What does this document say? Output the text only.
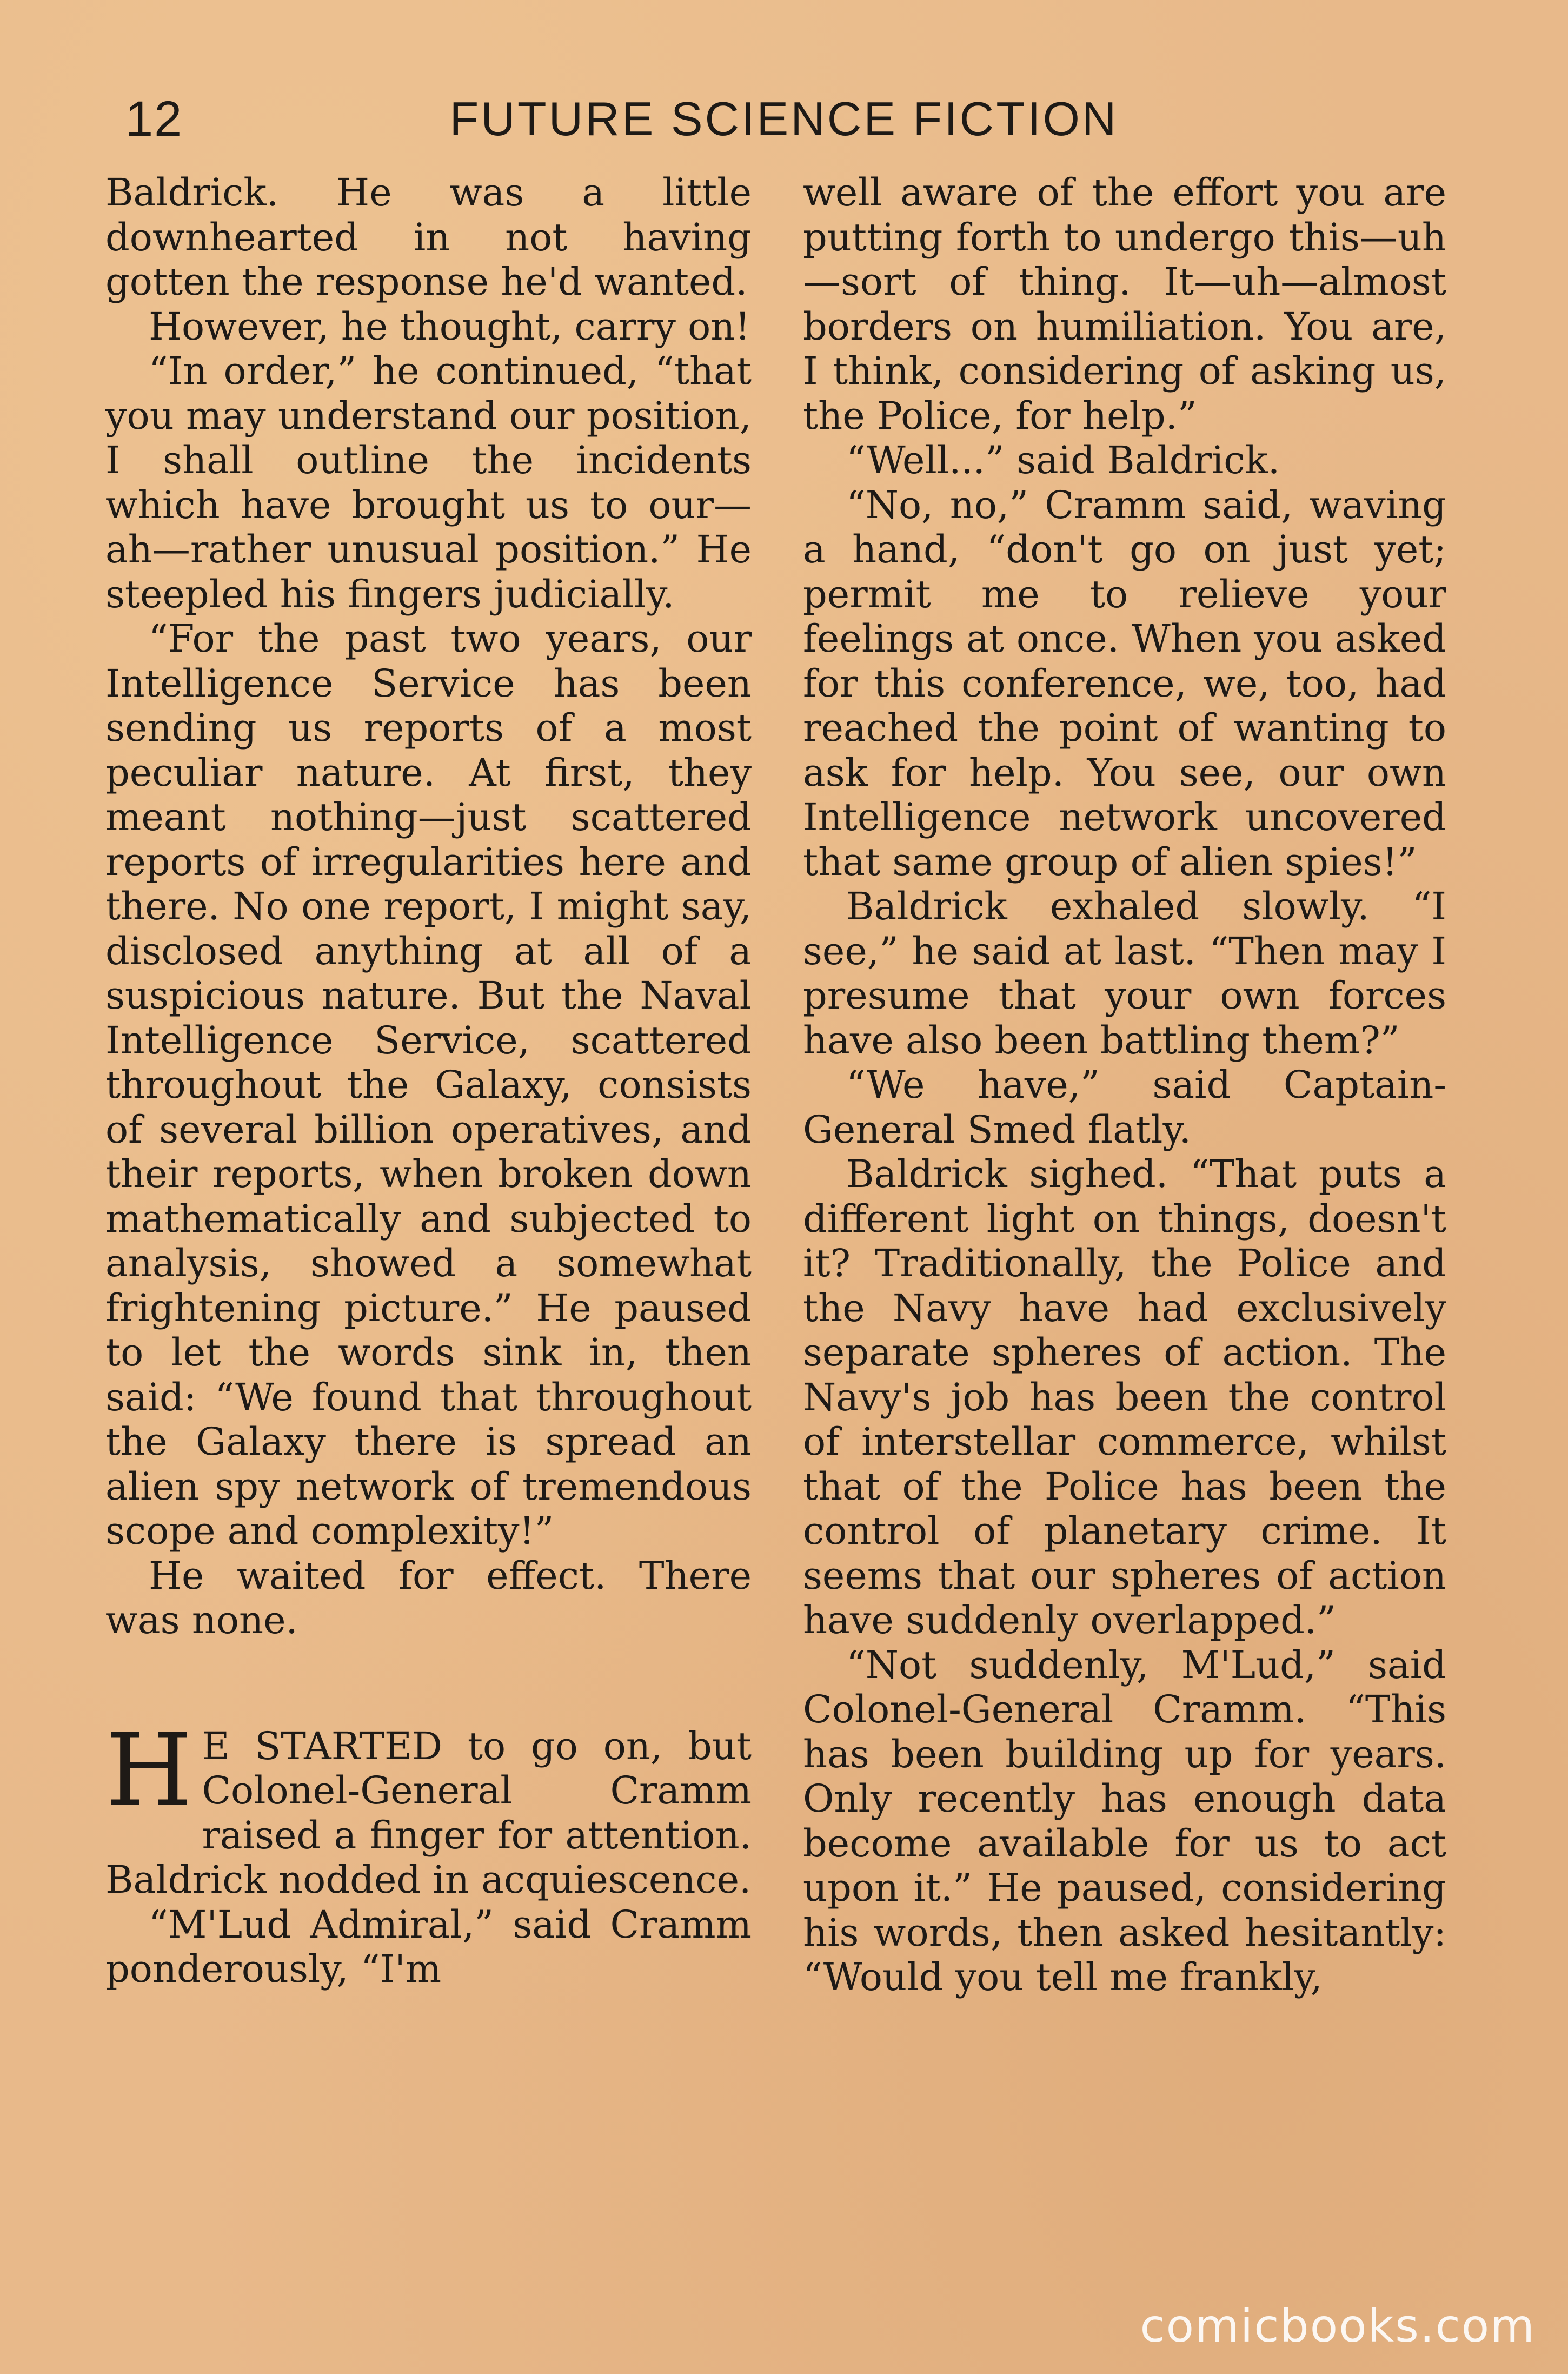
12	FUTURE SCIENCE FICTION

Baldrick. He was a little downhearted in not having gotten the response he'd wanted.

However, he thought, carry on!

“In order,” he continued, “that you may understand our position, I shall outline the incidents which have brought us to our—ah—rather unusual position.” He steepled his fingers judicially.

“For the past two years, our Intelligence Service has been sending us reports of a most peculiar nature. At first, they meant nothing—just scattered reports of irregularities here and there. No one report, I might say, disclosed anything at all of a suspicious nature. But the Naval Intelligence Service, scattered throughout the Galaxy, consists of several billion operatives, and their reports, when broken down mathematically and subjected to analysis, showed a somewhat frightening picture.” He paused to let the words sink in, then said: “We found that throughout the Galaxy there is spread an alien spy network of tremendous scope and complexity!”

He waited for effect. There was none.

H E STARTED to go on, but Colonel-General Cramm raised a finger for attention. Baldrick nodded in acquiescence.

“M'Lud Admiral,” said Cramm ponderously, “I'm

well aware of the effort you are putting forth to undergo this—uh—sort of thing. It—uh—almost borders on humiliation. You are, I think, considering of asking us, the Police, for help.”

“Well...” said Baldrick.

“No, no,” Cramm said, waving a hand, “don't go on just yet; permit me to relieve your feelings at once. When you asked for this conference, we, too, had reached the point of wanting to ask for help. You see, our own Intelligence network uncovered that same group of alien spies!”

Baldrick exhaled slowly. “I see,” he said at last. “Then may I presume that your own forces have also been battling them?”

“We have,” said Captain-General Smed flatly.

Baldrick sighed. “That puts a different light on things, doesn't it? Traditionally, the Police and the Navy have had exclusively separate spheres of action. The Navy's job has been the control of interstellar commerce, whilst that of the Police has been the control of planetary crime. It seems that our spheres of action have suddenly overlapped.”

“Not suddenly, M'Lud,” said Colonel-General Cramm. “This has been building up for years. Only recently has enough data become available for us to act upon it.” He paused, considering his words, then asked hesitantly: “Would you tell me frankly,

comicbooks.com
